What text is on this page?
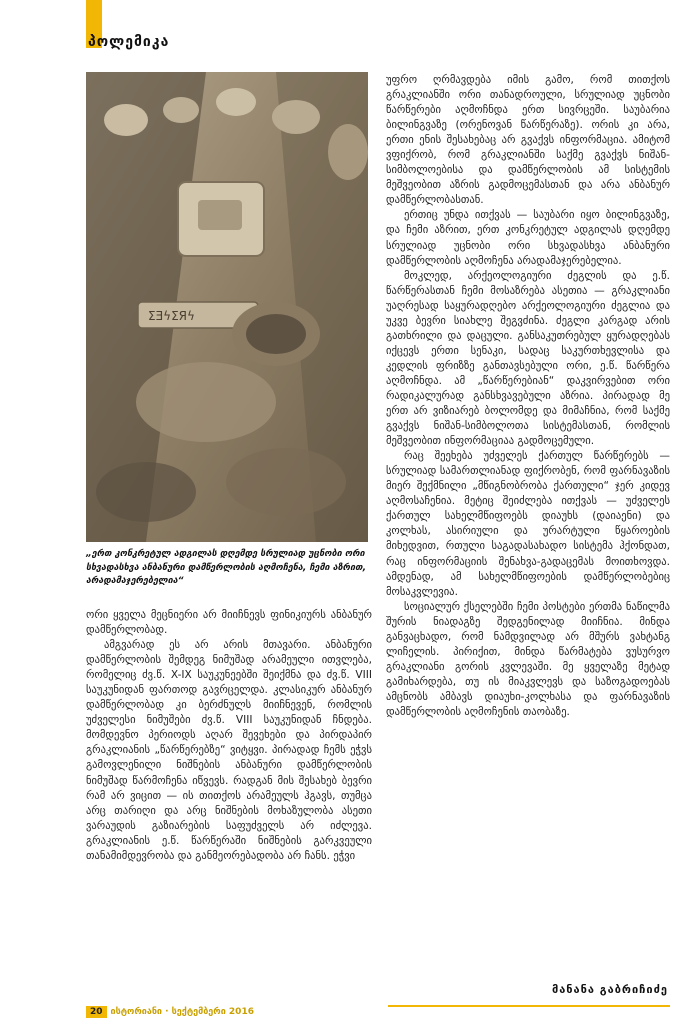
პოლემიკა
ΣƎϟΣЯϟ
„ერთ კონკრეტულ ადგილას დღემდე სრულიად უცნობი ორი სხვადასხვა ანბანური დამწერლობის აღმოჩენა, ჩემი აზრით, არადამაჯერებელია“

ორი ყველა მეცნიერი არ მიიჩნევს ფინიკიურს ანბანურ დამწერლობად.

ამგვარად ეს არ არის მთავარი. ანბანური დამწერლობის შემდეგ ნიმუშად არამეული ითვლება, რომელიც ძვ.წ. X-IX საუკუნეებში შეიქმნა და ძვ.წ. VIII საუკუნიდან ფართოდ გავრცელდა. კლასიკურ ანბანურ დამწერლობად კი ბერძნულს მიიჩნევენ, რომლის უძველესი ნიმუშები ძვ.წ. VIII საუკუნიდან ჩნდება. მომდევნო პერიოდს აღარ შევეხები და პირდაპირ გრაკლიანის „წარწერებზე“ ვიტყვი. პირადად ჩემს ეჭვს გამოვლენილი ნიშნების ანბანური დამწერლობის ნიმუშად წარმოჩენა იწვევს. რადგან მის შესახებ ბევრი რამ არ ვიცით — ის თითქოს არამეულს ჰგავს, თუმცა არც თარიღი და არც ნიშნების მოხაზულობა ასეთი ვარაუდის გაზიარების საფუძველს არ იძლევა. გრაკლიანის ე.წ. წარწერაში ნიშნების გარკვეული თანამიმდევრობა და განმეორებადობა არ ჩანს. ეჭვი

უფრო ღრმავდება იმის გამო, რომ თითქოს გრაკლიანში ორი თანადროული, სრულიად უცნობი წარწერები აღმოჩნდა ერთ სივრცეში. საუბარია ბილინგვაზე (ორენოვან წარწერაზე). ორის კი არა, ერთი ენის შესახებაც არ გვაქვს ინფორმაცია. ამიტომ ვფიქრობ, რომ გრაკლიანში საქმე გვაქვს ნიშან-სიმბოლოებისა და დამწერლობის ამ სისტემის მეშვეობით აზრის გადმოცემასთან და არა ანბანურ დამწერლობასთან.

ერთიც უნდა ითქვას — საუბარი იყო ბილინგვაზე, და ჩემი აზრით, ერთ კონკრეტულ ადგილას დღემდე სრულიად უცნობი ორი სხვადასხვა ანბანური დამწერლობის აღმოჩენა არადამაჯერებელია.

მოკლედ, არქეოლოგიური ძეგლის და ე.წ. წარწერასთან ჩემი მოსაზრება ასეთია — გრაკლიანი უაღრესად საყურადღებო არქეოლოგიური ძეგლია და უკვე ბევრი სიახლე შეგვძინა. ძეგლი კარგად არის გათხრილი და დაცული. განსაკუთრებულ ყურადღებას იქცევს ერთი სენაკი, სადაც საკურთხევლისა და კედლის ფრიზზე განთავსებული ორი, ე.წ. წარწერა აღმოჩნდა. ამ „წარწერებიან“ დაკვირვებით ორი რადიკალურად განსხვავებული აზრია. პირადად მე ერთ არ ვიზიარებ ბოლომდე და მიმაჩნია, რომ საქმე გვაქვს ნიშან-სიმბოლოთა სისტემასთან, რომლის მეშვეობით ინფორმაციაა გადმოცემული.

რაც შეეხება უძველეს ქართულ წარწერებს — სრულიად სამართლიანად ფიქრობენ, რომ ფარნავაზის მიერ შექმნილი „მწიგნობრობა ქართული“ ჯერ კიდევ აღმოსაჩენია. მეტიც შეიძლება ითქვას — უძველეს ქართულ სახელმწიფოებს დიაუხს (დაიაენი) და კოლხას, ასირიული და ურარტული წყაროების მიხედვით, რთული საგადასახადო სისტემა ჰქონდათ, რაც ინფორმაციის შენახვა-გადაცემას მოითხოვდა. ამდენად, ამ სახელმწიფოების დამწერლობებიც მოსაკვლევია.

სოციალურ ქსელებში ჩემი პოსტები ერთმა ნაწილმა შურის ნიადაგზე შედგენილად მიიჩნია. მინდა განვაცხადო, რომ ნამდვილად არ მშურს ვახტანგ ლიჩელის. პირიქით, მინდა წარმატება ვუსურვო გრაკლიანი გორის კვლევაში. მე ყველაზე მეტად გამიხარდება, თუ ის მიაკვლევს და საზოგადოებას ამცნობს ამბავს დიაუხი-კოლხასა და ფარნავაზის დამწერლობის აღმოჩენის თაობაზე.

მანანა გაბრიჩიძე
20 ისტორიანი · სექტემბერი 2016
